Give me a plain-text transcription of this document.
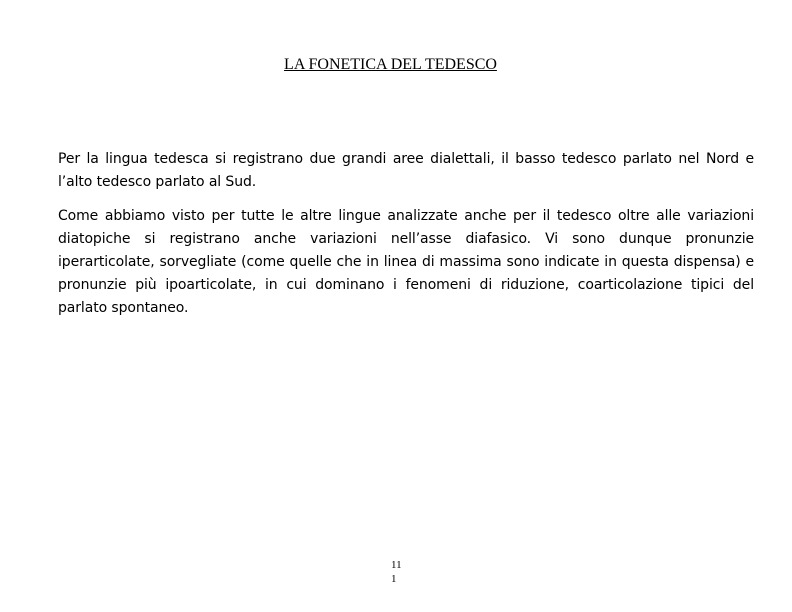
LA FONETICA DEL TEDESCO

Per la lingua tedesca si registrano due grandi aree dialettali, il basso tedesco parlato nel Nord e l’alto tedesco parlato al Sud.

Come abbiamo visto per tutte le altre lingue analizzate anche per il tedesco oltre alle variazioni diatopiche si registrano anche variazioni nell’asse diafasico. Vi sono dunque pronunzie iperarticolate, sorvegliate (come quelle che in linea di massima sono indicate in questa dispensa) e pronunzie più ipoarticolate, in cui dominano i fenomeni di riduzione, coarticolazione tipici del parlato spontaneo.

11
1
